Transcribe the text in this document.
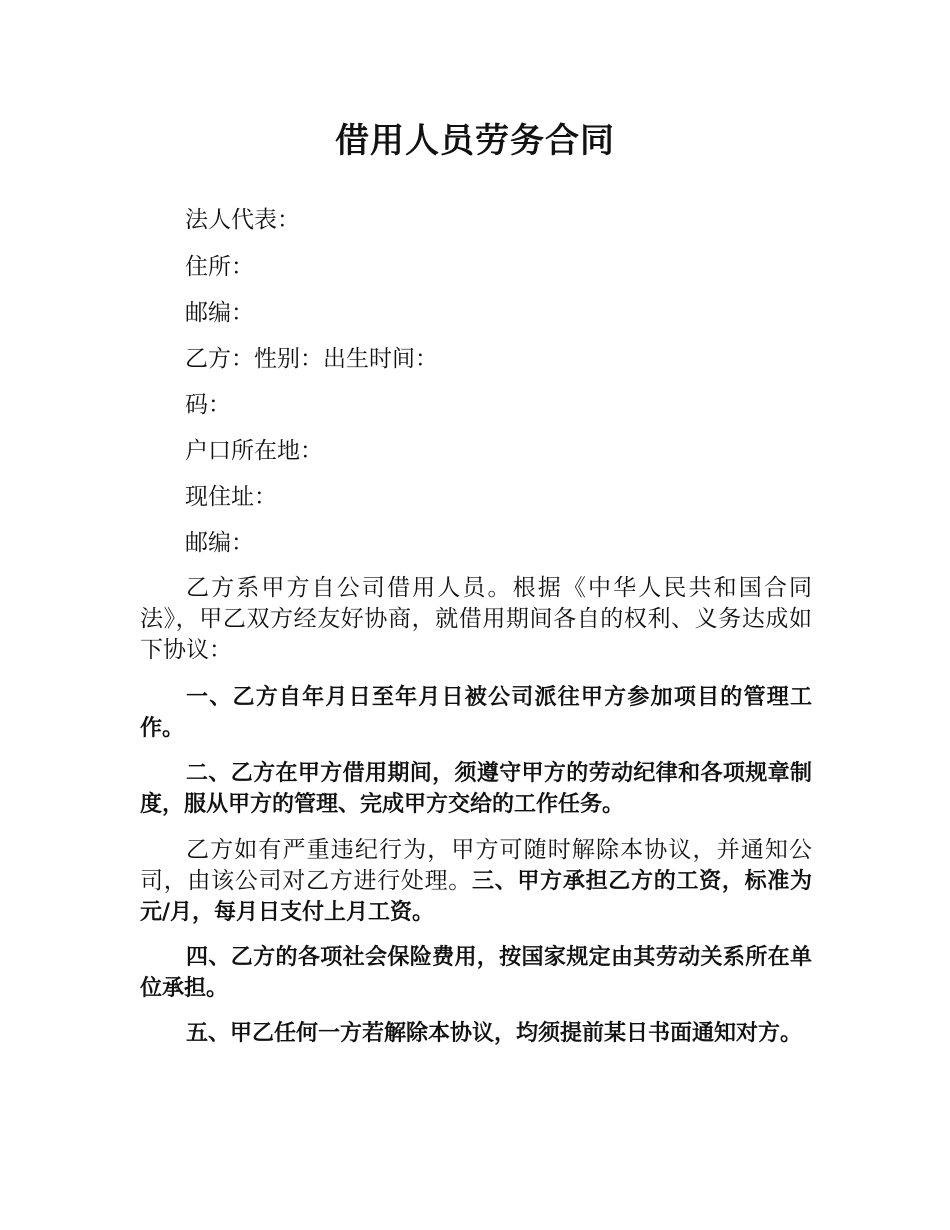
借用人员劳务合同
法人代表：
住所：
邮编：
乙方：性别：出生时间：
码：
户口所在地：
现住址：
邮编：

乙方系甲方自公司借用人员。根据《中华人民共和国合同法》，甲乙双方经友好协商，就借用期间各自的权利、义务达成如下协议：

一、乙方自年月日至年月日被公司派往甲方参加项目的管理工作。

二、乙方在甲方借用期间，须遵守甲方的劳动纪律和各项规章制度，服从甲方的管理、完成甲方交给的工作任务。

乙方如有严重违纪行为，甲方可随时解除本协议，并通知公司，由该公司对乙方进行处理。三、甲方承担乙方的工资，标准为元/月，每月日支付上月工资。

四、乙方的各项社会保险费用，按国家规定由其劳动关系所在单位承担。

五、甲乙任何一方若解除本协议，均须提前某日书面通知对方。
